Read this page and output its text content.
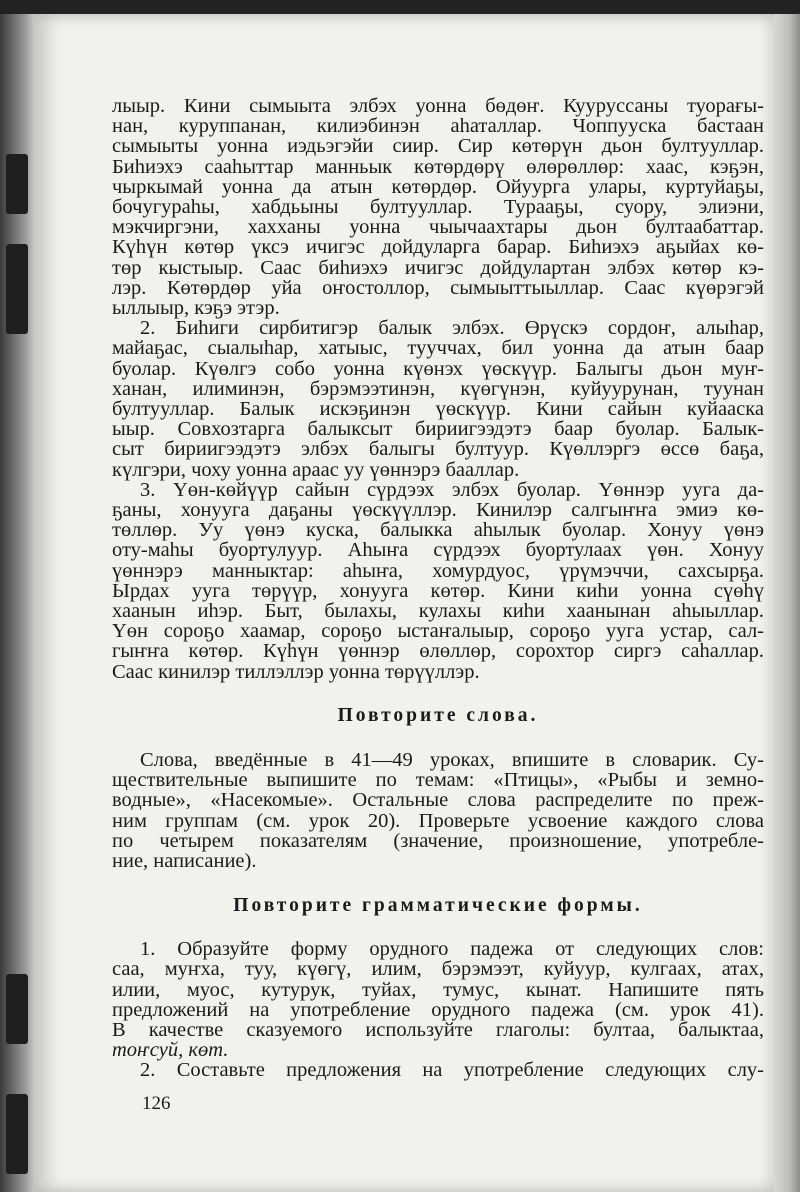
лыыр. Кини сымыыта элбэх уонна бөдөҥ. Кууруссаны туорағы-
нан, куруппанан, килиэбинэн аһаталлар. Чоппууска бастаан
сымыыты уонна иэдьэгэйи сиир. Сир көтөрүн дьон бултууллар.
Биһиэхэ сааһыттар манньык көтөрдөрү өлөрөллөр: хаас, кэҕэн,
чыркымай уонна да атын көтөрдөр. Ойуурга улары, куртуйаҕы,
бочугураһы, хабдьыны бултууллар. Турааҕы, суору, элиэни,
мэкчиргэни, хахханы уонна чыычаахтары дьон бултаабаттар.
Күһүн көтөр үксэ ичигэс дойдуларга барар. Биһиэхэ аҕыйах кө-
төр кыстыыр. Саас биһиэхэ ичигэс дойдулартан элбэх көтөр кэ-
лэр. Көтөрдөр уйа оҥостоллор, сымыыттыыллар. Саас күөрэгэй
ыллыыр, кэҕэ этэр.
2. Биһиги сирбитигэр балык элбэх. Өрүскэ сордоҥ, алыһар,
майаҕас, сыалыһар, хатыыс, тууччах, бил уонна да атын баар
буолар. Күөлгэ собо уонна күөнэх үөскүүр. Балыгы дьон муҥ-
ханан, илиминэн, бэрэмээтинэн, күөгүнэн, куйуурунан, туунан
бултууллар. Балык искэҕинэн үөскүүр. Кини сайын куйааска
ыыр. Совхозтарга балыксыт бириигээдэтэ баар буолар. Балык-
сыт бириигээдэтэ элбэх балыгы бултуур. Күөллэргэ өссө баҕа,
күлгэри, чоху уонна араас уу үөннэрэ бааллар.
3. Үөн-көйүүр сайын сүрдээх элбэх буолар. Үөннэр ууга да-
ҕаны, хонууга даҕаны үөскүүллэр. Кинилэр салгыҥҥа эмиэ кө-
төллөр. Уу үөнэ куска, балыкка аһылык буолар. Хонуу үөнэ
оту-маһы буортулуур. Аһыҥа сүрдээх буортулаах үөн. Хонуу
үөннэрэ манныктар: аһыҥа, хомурдуос, үрүмэччи, сахсырҕа.
Ырдах ууга төрүүр, хонууга көтөр. Кини киһи уонна сүөһү
хаанын иһэр. Быт, былахы, кулахы киһи хаанынан аһыыллар.
Үөн сороҕо хаамар, сороҕо ыстаҥалыыр, сороҕо ууга устар, сал-
гыҥҥа көтөр. Күһүн үөннэр өлөллөр, сорохтор сиргэ саһаллар.
Саас кинилэр тиллэллэр уонна төрүүллэр.
Повторите слова.
Слова, введённые в 41—49 уроках, впишите в словарик. Су-
ществительные выпишите по темам: «Птицы», «Рыбы и земно-
водные», «Насекомые». Остальные слова распределите по преж-
ним группам (см. урок 20). Проверьте усвоение каждого слова
по четырем показателям (значение, произношение, употребле-
ние, написание).
Повторите грамматические формы.
1. Образуйте форму орудного падежа от следующих слов:
саа, муҥха, туу, күөгү, илим, бэрэмээт, куйуур, кулгаах, атах,
илии, муос, кутурук, туйах, тумус, кынат. Напишите пять
предложений на употребление орудного падежа (см. урок 41).
В качестве сказуемого используйте глаголы: бултаа, балыктаа,
тоҥсуй, көт.
2. Составьте предложения на употребление следующих слу-
126
